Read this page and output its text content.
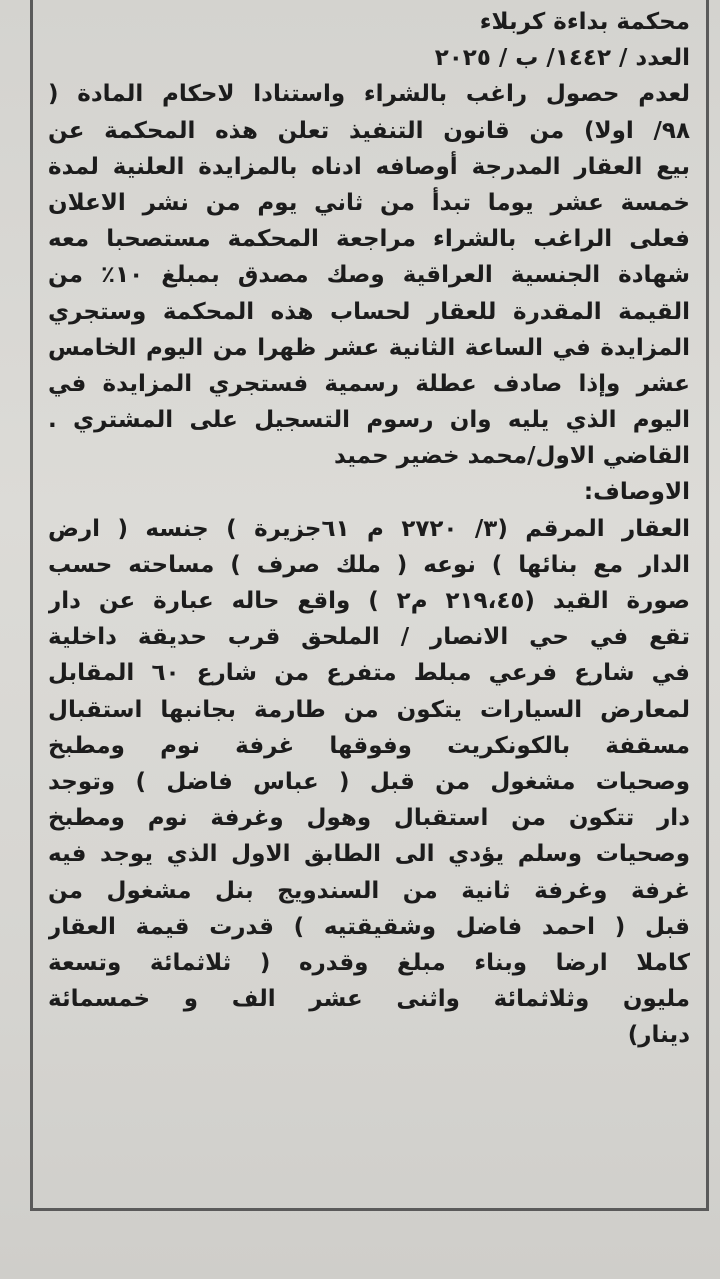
محكمة بداءة كربلاء
العدد / ١٤٤٢/ ب / ٢٠٢٥
لعدم حصول راغب بالشراء واستنادا لاحكام المادة (
٩٨/ اولا) من قانون التنفيذ تعلن هذه المحكمة عن
بيع العقار المدرجة أوصافه ادناه بالمزايدة العلنية لمدة
خمسة عشر يوما تبدأ من ثاني يوم من نشر الاعلان
فعلى الراغب بالشراء مراجعة المحكمة مستصحبا معه
شهادة الجنسية العراقية وصك مصدق بمبلغ ١٠٪ من
القيمة المقدرة للعقار لحساب هذه المحكمة وستجري
المزايدة في الساعة الثانية عشر ظهرا من اليوم الخامس
عشر وإذا صادف عطلة رسمية فستجري المزايدة في
اليوم الذي يليه وان رسوم التسجيل على المشتري .
القاضي الاول/محمد خضير حميد
الاوصاف:
العقار المرقم (٣/ ٢٧٢٠ م ٦١جزيرة ) جنسه ( ارض
الدار مع بنائها ) نوعه ( ملك صرف ) مساحته حسب
صورة القيد (٢١٩،٤٥ م٢ ) واقع حاله عبارة عن دار
تقع في حي الانصار / الملحق قرب حديقة داخلية
في شارع فرعي مبلط متفرع من شارع ٦٠ المقابل
لمعارض السيارات يتكون من طارمة بجانبها استقبال
مسقفة بالكونكريت وفوقها غرفة نوم ومطبخ
وصحيات مشغول من قبل ( عباس فاضل ) وتوجد
دار تتكون من استقبال وهول وغرفة نوم ومطبخ
وصحيات وسلم يؤدي الى الطابق الاول الذي يوجد فيه
غرفة وغرفة ثانية من السندويج بنل مشغول من
قبل ( احمد فاضل وشقيقتيه ) قدرت قيمة العقار
كاملا ارضا وبناء مبلغ وقدره ( ثلاثمائة وتسعة
مليون وثلاثمائة واثنى عشر الف و خمسمائة
دينار)
